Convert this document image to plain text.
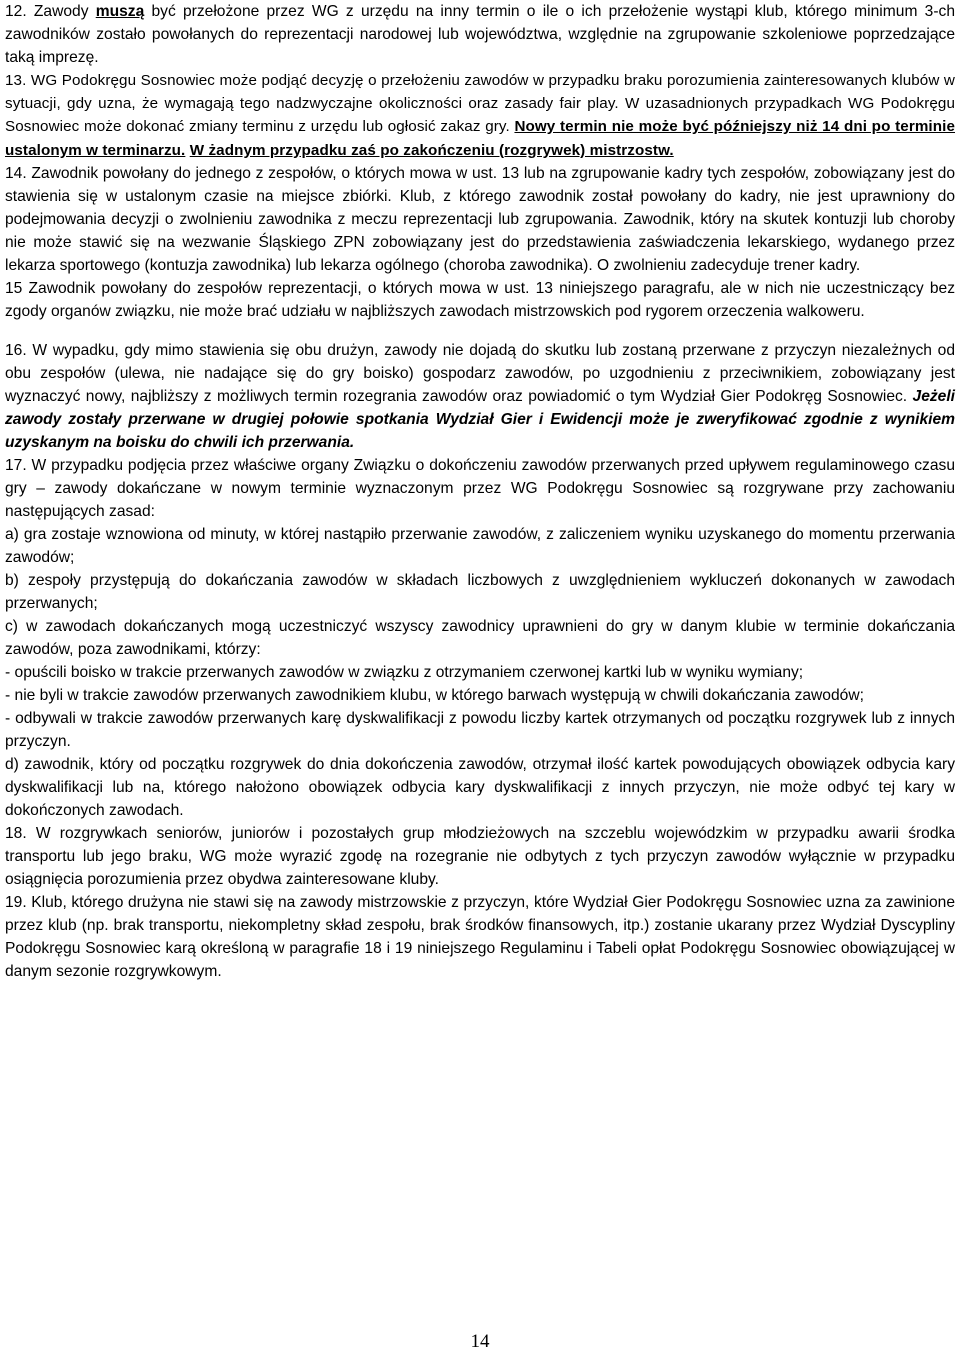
12. Zawody muszą być przełożone przez WG z urzędu na inny termin o ile o ich przełożenie wystąpi klub, którego minimum 3-ch zawodników zostało powołanych do reprezentacji narodowej lub województwa, względnie na zgrupowanie szkoleniowe poprzedzające taką imprezę.

13. WG Podokręgu Sosnowiec może podjąć decyzję o przełożeniu zawodów w przypadku braku porozumienia zainteresowanych klubów w sytuacji, gdy uzna, że wymagają tego nadzwyczajne okoliczności oraz zasady fair play. W uzasadnionych przypadkach WG Podokręgu Sosnowiec może dokonać zmiany terminu z urzędu lub ogłosić zakaz gry. Nowy termin nie może być późniejszy niż 14 dni po terminie ustalonym w terminarzu. W żadnym przypadku zaś po zakończeniu (rozgrywek) mistrzostw.

14. Zawodnik powołany do jednego z zespołów, o których mowa w ust. 13 lub na zgrupowanie kadry tych zespołów, zobowiązany jest do stawienia się w ustalonym czasie na miejsce zbiórki. Klub, z którego zawodnik został powołany do kadry, nie jest uprawniony do podejmowania decyzji o zwolnieniu zawodnika z meczu reprezentacji lub zgrupowania. Zawodnik, który na skutek kontuzji lub choroby nie może stawić się na wezwanie Śląskiego ZPN zobowiązany jest do przedstawienia zaświadczenia lekarskiego, wydanego przez lekarza sportowego (kontuzja zawodnika) lub lekarza ogólnego (choroba zawodnika). O zwolnieniu zadecyduje trener kadry.

15 Zawodnik powołany do zespołów reprezentacji, o których mowa w ust. 13 niniejszego paragrafu, ale w nich nie uczestniczący bez zgody organów związku, nie może brać udziału w najbliższych zawodach mistrzowskich pod rygorem orzeczenia walkoweru.

16. W wypadku, gdy mimo stawienia się obu drużyn, zawody nie dojadą do skutku lub zostaną przerwane z przyczyn niezależnych od obu zespołów (ulewa, nie nadające się do gry boisko) gospodarz zawodów, po uzgodnieniu z przeciwnikiem, zobowiązany jest wyznaczyć nowy, najbliższy z możliwych termin rozegrania zawodów oraz powiadomić o tym Wydział Gier Podokręg Sosnowiec. Jeżeli zawody zostały przerwane w drugiej połowie spotkania Wydział Gier i Ewidencji może je zweryfikować zgodnie z wynikiem uzyskanym na boisku do chwili ich przerwania.

17. W przypadku podjęcia przez właściwe organy Związku o dokończeniu zawodów przerwanych przed upływem regulaminowego czasu gry – zawody dokańczane w nowym terminie wyznaczonym przez WG Podokręgu Sosnowiec są rozgrywane przy zachowaniu następujących zasad:

a) gra zostaje wznowiona od minuty, w której nastąpiło przerwanie zawodów, z zaliczeniem wyniku uzyskanego do momentu przerwania zawodów;

b) zespoły przystępują do dokańczania zawodów w składach liczbowych z uwzględnieniem wykluczeń dokonanych w zawodach przerwanych;

c) w zawodach dokańczanych mogą uczestniczyć wszyscy zawodnicy uprawnieni do gry w danym klubie w terminie dokańczania zawodów, poza zawodnikami, którzy:

- opuścili boisko w trakcie przerwanych zawodów w związku z otrzymaniem czerwonej kartki lub w wyniku wymiany;

- nie byli w trakcie zawodów przerwanych zawodnikiem klubu, w którego barwach występują w chwili dokańczania zawodów;

- odbywali w trakcie zawodów przerwanych karę dyskwalifikacji z powodu liczby kartek otrzymanych od początku rozgrywek lub z innych przyczyn.

d) zawodnik, który od początku rozgrywek do dnia dokończenia zawodów, otrzymał ilość kartek powodujących obowiązek odbycia kary dyskwalifikacji lub na, którego nałożono obowiązek odbycia kary dyskwalifikacji z innych przyczyn, nie może odbyć tej kary w dokończonych zawodach.

18. W rozgrywkach seniorów, juniorów i pozostałych grup młodzieżowych na szczeblu wojewódzkim w przypadku awarii środka transportu lub jego braku, WG może wyrazić zgodę na rozegranie nie odbytych z tych przyczyn zawodów wyłącznie w przypadku osiągnięcia porozumienia przez obydwa zainteresowane kluby.

19. Klub, którego drużyna nie stawi się na zawody mistrzowskie z przyczyn, które Wydział Gier Podokręgu Sosnowiec uzna za zawinione przez klub (np. brak transportu, niekompletny skład zespołu, brak środków finansowych, itp.) zostanie ukarany przez Wydział Dyscypliny Podokręgu Sosnowiec karą określoną w paragrafie 18 i 19 niniejszego Regulaminu i Tabeli opłat Podokręgu Sosnowiec obowiązującej w danym sezonie rozgrywkowym.

14
